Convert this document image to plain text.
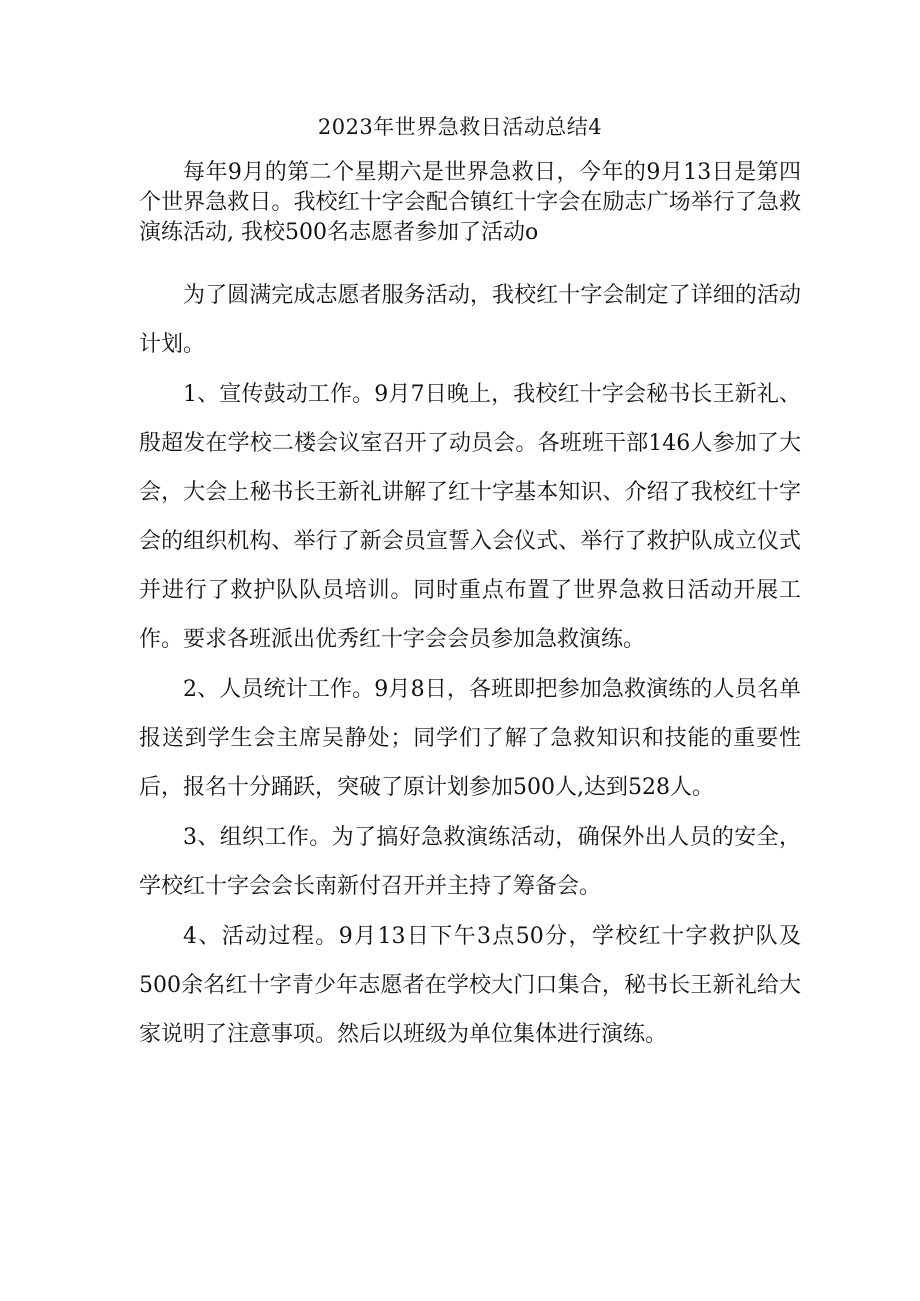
2023年世界急救日活动总结4

每年9月的第二个星期六是世界急救日，今年的9月13日是第四个世界急救日。我校红十字会配合镇红十字会在励志广场举行了急救演练活动, 我校500名志愿者参加了活动o

为了圆满完成志愿者服务活动，我校红十字会制定了详细的活动计划。

1、宣传鼓动工作。9月7日晚上，我校红十字会秘书长王新礼、殷超发在学校二楼会议室召开了动员会。各班班干部146人参加了大会，大会上秘书长王新礼讲解了红十字基本知识、介绍了我校红十字会的组织机构、举行了新会员宣誓入会仪式、举行了救护队成立仪式并进行了救护队队员培训。同时重点布置了世界急救日活动开展工作。要求各班派出优秀红十字会会员参加急救演练。

2、人员统计工作。9月8日，各班即把参加急救演练的人员名单报送到学生会主席吴静处；同学们了解了急救知识和技能的重要性后，报名十分踊跃，突破了原计划参加500人,达到528人。

3、组织工作。为了搞好急救演练活动，确保外出人员的安全，学校红十字会会长南新付召开并主持了筹备会。

4、活动过程。9月13日下午3点50分，学校红十字救护队及500余名红十字青少年志愿者在学校大门口集合，秘书长王新礼给大家说明了注意事项。然后以班级为单位集体进行演练。
